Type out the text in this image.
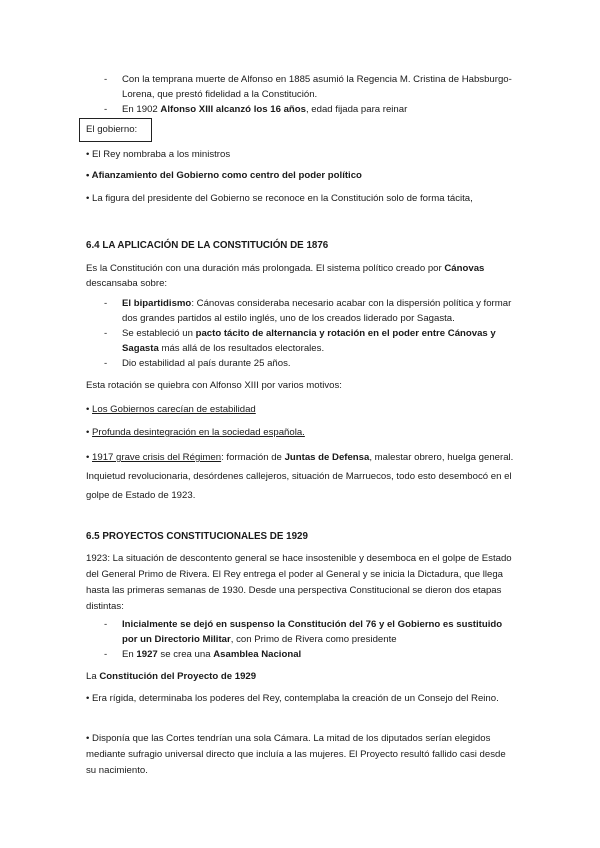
- Con la temprana muerte de Alfonso en 1885 asumió la Regencia M. Cristina de Habsburgo-Lorena, que prestó fidelidad a la Constitución.
- En 1902 Alfonso XIII alcanzó los 16 años, edad fijada para reinar
El gobierno:
• El Rey nombraba a los ministros
• Afianzamiento del Gobierno como centro del poder político
• La figura del presidente del Gobierno se reconoce en la Constitución solo de forma tácita,
6.4 LA APLICACIÓN DE LA CONSTITUCIÓN DE 1876
Es la Constitución con una duración más prolongada. El sistema político creado por Cánovas descansaba sobre:
- El bipartidismo: Cánovas consideraba necesario acabar con la dispersión política y formar dos grandes partidos al estilo inglés, uno de los creados liderado por Sagasta.
- Se estableció un pacto tácito de alternancia y rotación en el poder entre Cánovas y Sagasta más allá de los resultados electorales.
- Dio estabilidad al país durante 25 años.
Esta rotación se quiebra con Alfonso XIII por varios motivos:
• Los Gobiernos carecían de estabilidad
• Profunda desintegración en la sociedad española.
• 1917 grave crisis del Régimen: formación de Juntas de Defensa, malestar obrero, huelga general. Inquietud revolucionaria, desórdenes callejeros, situación de Marruecos, todo esto desembocó en el golpe de Estado de 1923.
6.5 PROYECTOS CONSTITUCIONALES DE 1929
1923: La situación de descontento general se hace insostenible y desemboca en el golpe de Estado del General Primo de Rivera. El Rey entrega el poder al General y se inicia la Dictadura, que llega hasta las primeras semanas de 1930. Desde una perspectiva Constitucional se dieron dos etapas distintas:
- Inicialmente se dejó en suspenso la Constitución del 76 y el Gobierno es sustituido por un Directorio Militar, con Primo de Rivera como presidente
- En 1927 se crea una Asamblea Nacional
La Constitución del Proyecto de 1929
• Era rígida, determinaba los poderes del Rey, contemplaba la creación de un Consejo del Reino.
• Disponía que las Cortes tendrían una sola Cámara. La mitad de los diputados serían elegidos mediante sufragio universal directo que incluía a las mujeres. El Proyecto resultó fallido casi desde su nacimiento.
